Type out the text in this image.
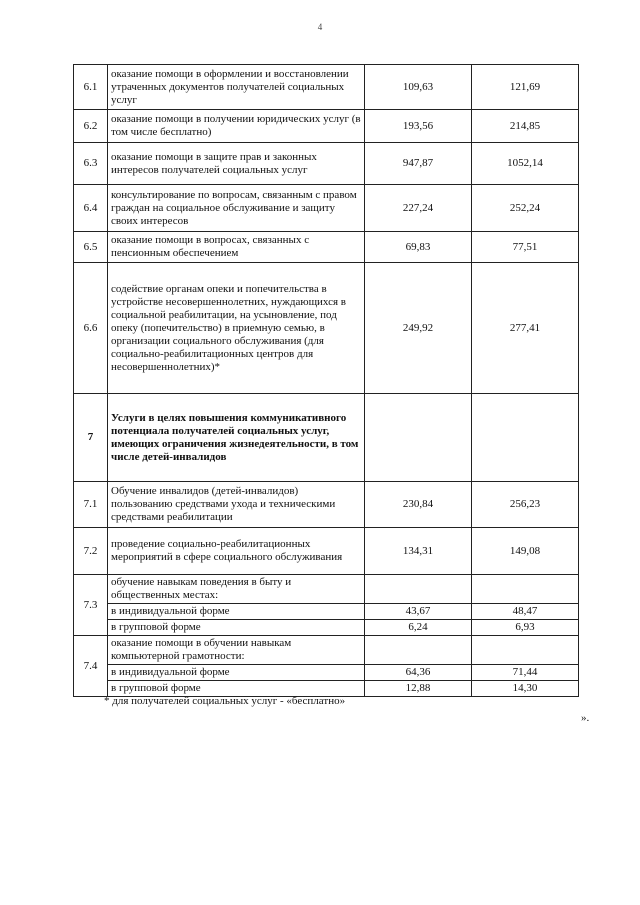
4
6.1	оказание помощи в оформлении и восстановлении утраченных документов получателей социальных услуг	109,63	121,69
6.2	оказание помощи в получении юридических услуг (в том числе бесплатно)	193,56	214,85
6.3	оказание помощи в защите прав и законных интересов получателей социальных услуг	947,87	1052,14
6.4	консультирование по вопросам, связанным с правом граждан на социальное обслуживание и защиту своих интересов	227,24	252,24
6.5	оказание помощи в вопросах, связанных с пенсионным обеспечением	69,83	77,51
6.6	содействие органам опеки и попечительства в устройстве несовершеннолетних, нуждающихся в социальной реабилитации, на усыновление, под опеку (попечительство) в приемную семью, в организации социального обслуживания (для социально-реабилитационных центров для несовершеннолетних)*	249,92	277,41
7	Услуги в целях повышения коммуникативного потенциала получателей социальных услуг, имеющих ограничения жизнедеятельности, в том числе детей-инвалидов		
7.1	Обучение инвалидов (детей-инвалидов) пользованию средствами ухода и техническими средствами реабилитации	230,84	256,23
7.2	проведение социально-реабилитационных мероприятий в сфере социального обслуживания	134,31	149,08
7.3	обучение навыкам поведения в быту и общественных местах:		
	в индивидуальной форме	43,67	48,47
	в групповой форме	6,24	6,93
7.4	оказание помощи в обучении навыкам компьютерной грамотности:		
	в индивидуальной форме	64,36	71,44
	в групповой форме	12,88	14,30
* для получателей социальных услуг - «бесплатно»
».
